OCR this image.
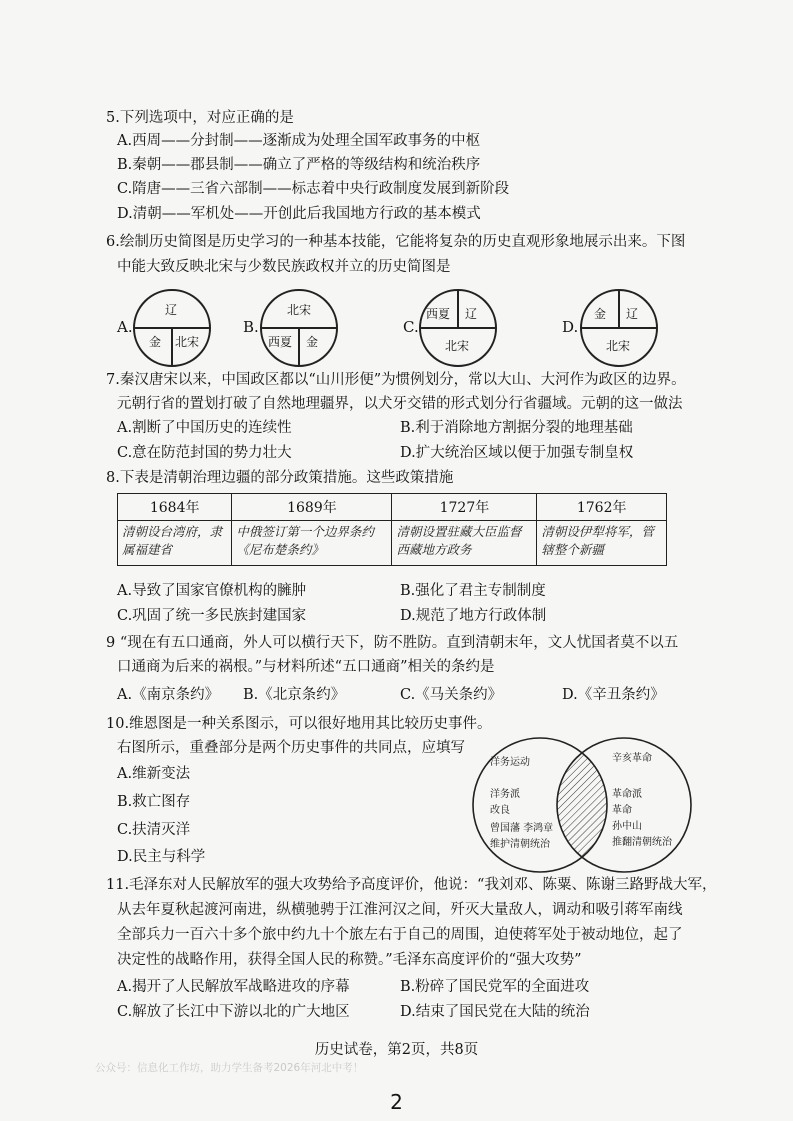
5.下列选项中，对应正确的是
A.西周——分封制——逐渐成为处理全国军政事务的中枢
B.秦朝——郡县制——确立了严格的等级结构和统治秩序
C.隋唐——三省六部制——标志着中央行政制度发展到新阶段
D.清朝——军机处——开创此后我国地方行政的基本模式
6.绘制历史简图是历史学习的一种基本技能，它能将复杂的历史直观形象地展示出来。下图
中能大致反映北宋与少数民族政权并立的历史简图是
A.
辽
金 北宋
B.
北宋
西夏 金
C.
西夏 辽
北宋
D.
金 辽
北宋
7.秦汉唐宋以来，中国政区都以“山川形便”为惯例划分，常以大山、大河作为政区的边界。
元朝行省的置划打破了自然地理疆界，以犬牙交错的形式划分行省疆域。元朝的这一做法
A.割断了中国历史的连续性	B.利于消除地方割据分裂的地理基础
C.意在防范封国的势力壮大	D.扩大统治区域以便于加强专制皇权
8.下表是清朝治理边疆的部分政策措施。这些政策措施
1684年	1689年	1727年	1762年
清朝设台湾府，隶属福建省	中俄签订第一个边界条约《尼布楚条约》	清朝设置驻藏大臣监督西藏地方政务	清朝设伊犁将军，管辖整个新疆
A.导致了国家官僚机构的臃肿	B.强化了君主专制制度
C.巩固了统一多民族封建国家	D.规范了地方行政体制
9 “现在有五口通商，外人可以横行天下，防不胜防。直到清朝末年，文人忧国者莫不以五
口通商为后来的祸根。”与材料所述“五口通商”相关的条约是
A.《南京条约》 B.《北京条约》	C.《马关条约》	D.《辛丑条约》
10.维恩图是一种关系图示，可以很好地用其比较历史事件。
右图所示，重叠部分是两个历史事件的共同点，应填写
A.维新变法
B.救亡图存
C.扶清灭洋
D.民主与科学
洋务运动
洋务派
改良
曾国藩 李鸿章
维护清朝统治
辛亥革命
革命派
革命
孙中山
推翻清朝统治
11.毛泽东对人民解放军的强大攻势给予高度评价，他说：“我刘邓、陈粟、陈谢三路野战大军，
从去年夏秋起渡河南进，纵横驰骋于江淮河汉之间，歼灭大量敌人，调动和吸引蒋军南线
全部兵力一百六十多个旅中约九十个旅左右于自己的周围，迫使蒋军处于被动地位，起了
决定性的战略作用，获得全国人民的称赞。”毛泽东高度评价的“强大攻势”
A.揭开了人民解放军战略进攻的序幕	B.粉碎了国民党军的全面进攻
C.解放了长江中下游以北的广大地区	D.结束了国民党在大陆的统治
历史试卷，第2页，共8页
公众号：信息化工作坊，助力学生备考2026年河北中考！
2
